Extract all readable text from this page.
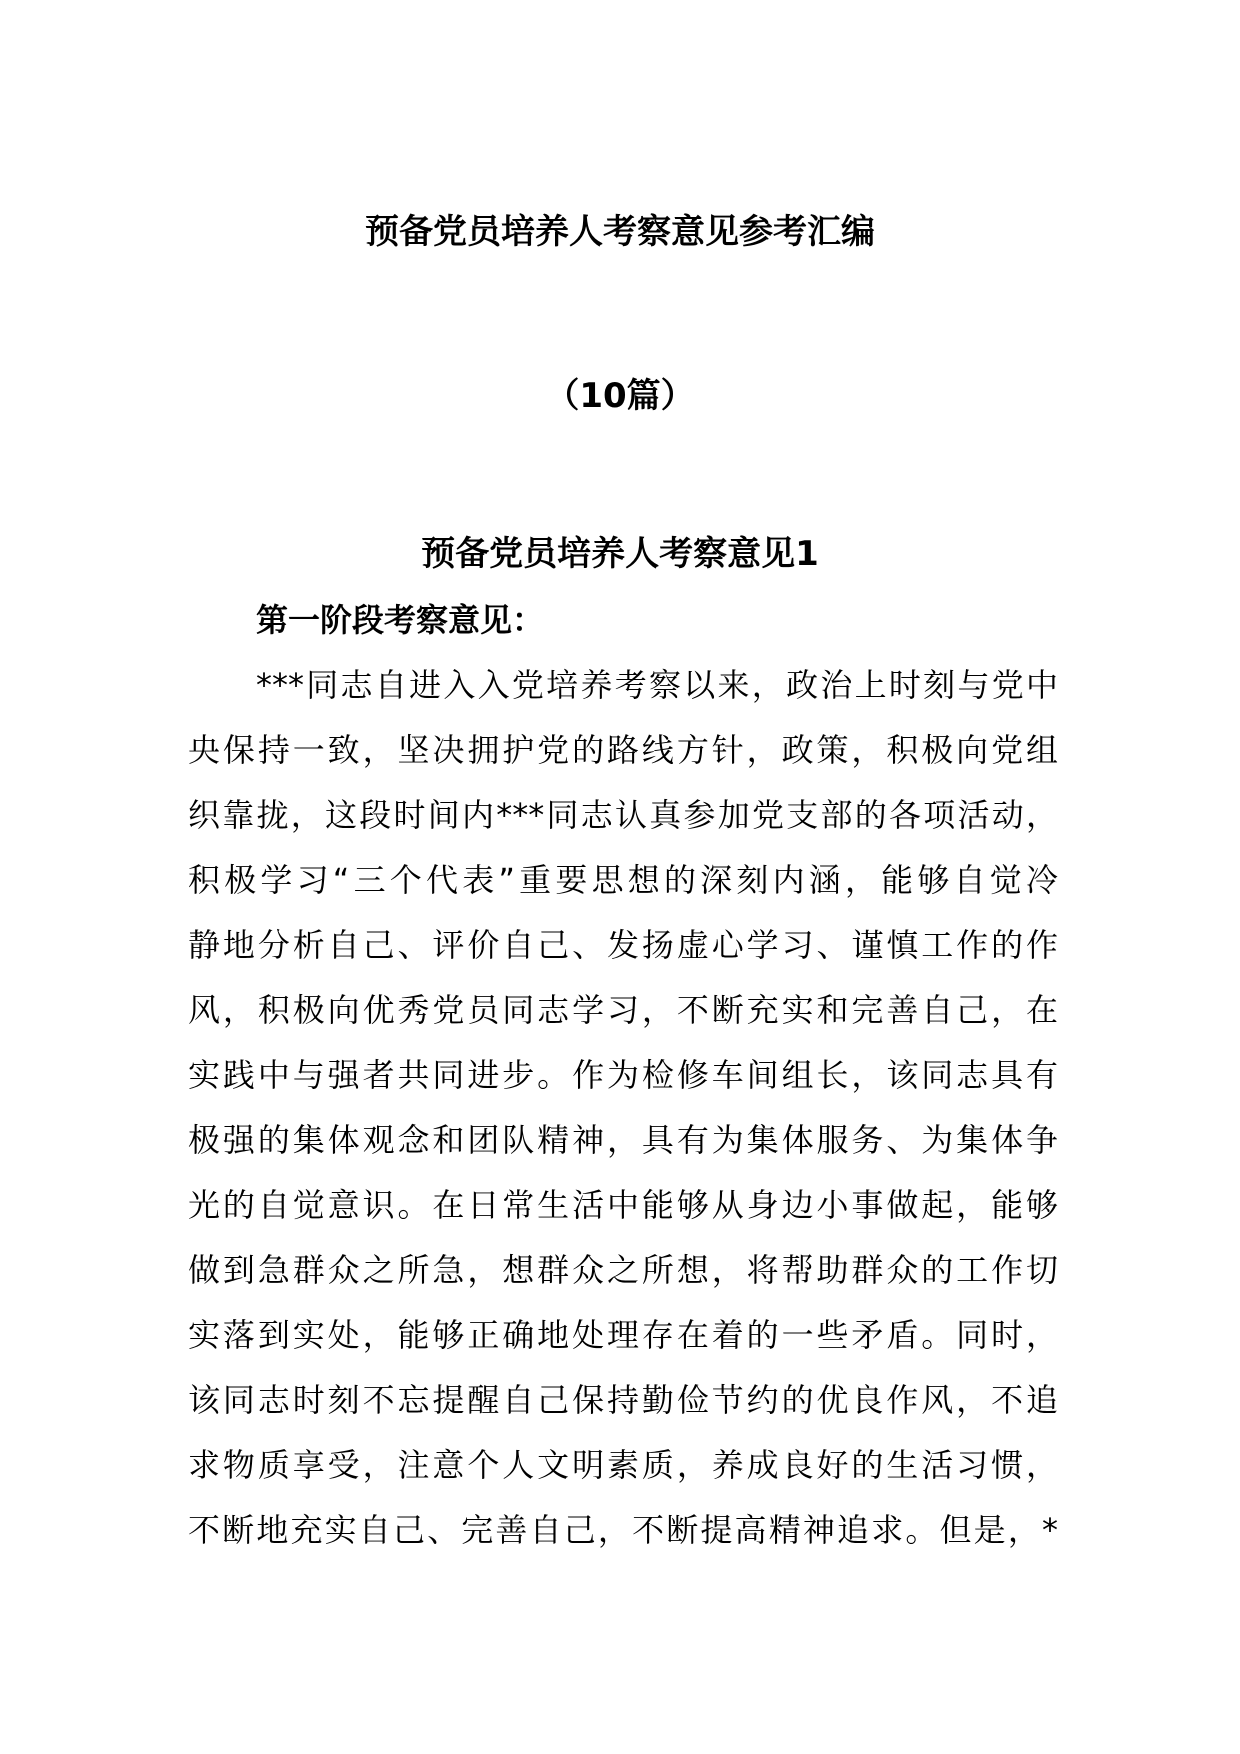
预备党员培养人考察意见参考汇编
（10篇）
预备党员培养人考察意见1
第一阶段考察意见：
***同志自进入入党培养考察以来，政治上时刻与党中
央保持一致，坚决拥护党的路线方针，政策，积极向党组
织靠拢，这段时间内***同志认真参加党支部的各项活动，
积极学习“三个代表”重要思想的深刻内涵，能够自觉冷
静地分析自己、评价自己、发扬虚心学习、谨慎工作的作
风，积极向优秀党员同志学习，不断充实和完善自己，在
实践中与强者共同进步。作为检修车间组长，该同志具有
极强的集体观念和团队精神，具有为集体服务、为集体争
光的自觉意识。在日常生活中能够从身边小事做起，能够
做到急群众之所急，想群众之所想，将帮助群众的工作切
实落到实处，能够正确地处理存在着的一些矛盾。同时，
该同志时刻不忘提醒自己保持勤俭节约的优良作风，不追
求物质享受，注意个人文明素质，养成良好的生活习惯，
不断地充实自己、完善自己，不断提高精神追求。但是，*
